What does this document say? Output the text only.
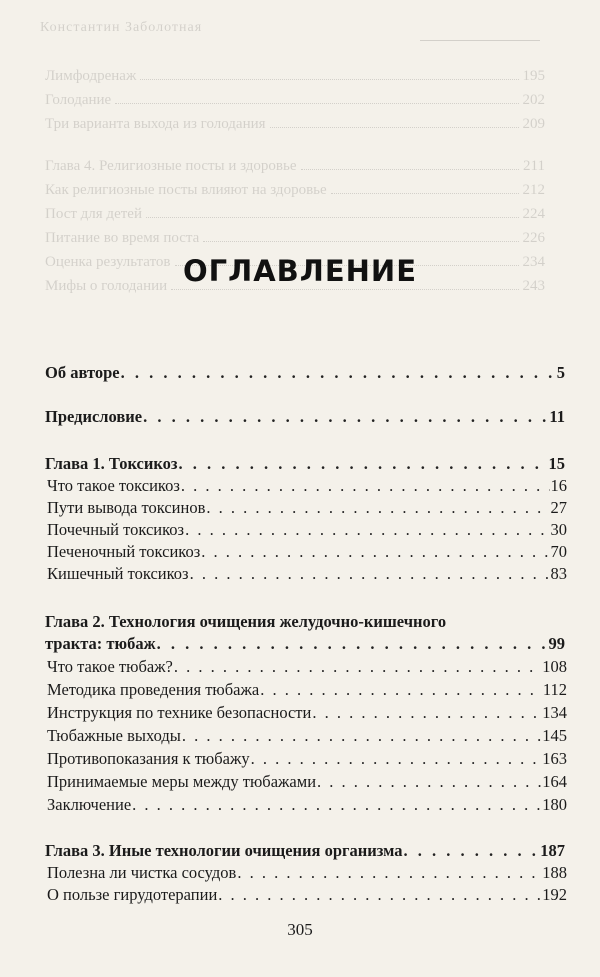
Константин Заболотная
Лимфодренаж	195
Голодание	202
Три варианта выхода из голодания	209
Глава 4. Религиозные посты и здоровье	211
Как религиозные посты влияют на здоровье	212
Пост для детей	224
Питание во время поста	226
Оценка результатов	234
Мифы о голодании	243
ОГЛАВЛЕНИЕ
Об авторе . . .	5
Предисловие . . .	11
Глава 1. Токсикоз . . .	15
Что такое токсикоз . . .	16
Пути вывода токсинов . . .	27
Почечный токсикоз . . .	30
Печеночный токсикоз . . .	70
Кишечный токсикоз . . .	83
Глава 2. Технология очищения желудочно-кишечного
тракта: тюбаж . . .	99
Что такое тюбаж? . . .	108
Методика проведения тюбажа . . .	112
Инструкция по технике безопасности . . .	134
Тюбажные выходы . . .	145
Противопоказания к тюбажу . . .	163
Принимаемые меры между тюбажами . . .	164
Заключение . . .	180
Глава 3. Иные технологии очищения организма . . .	187
Полезна ли чистка сосудов . . .	188
О пользе гирудотерапии . . .	192
305
